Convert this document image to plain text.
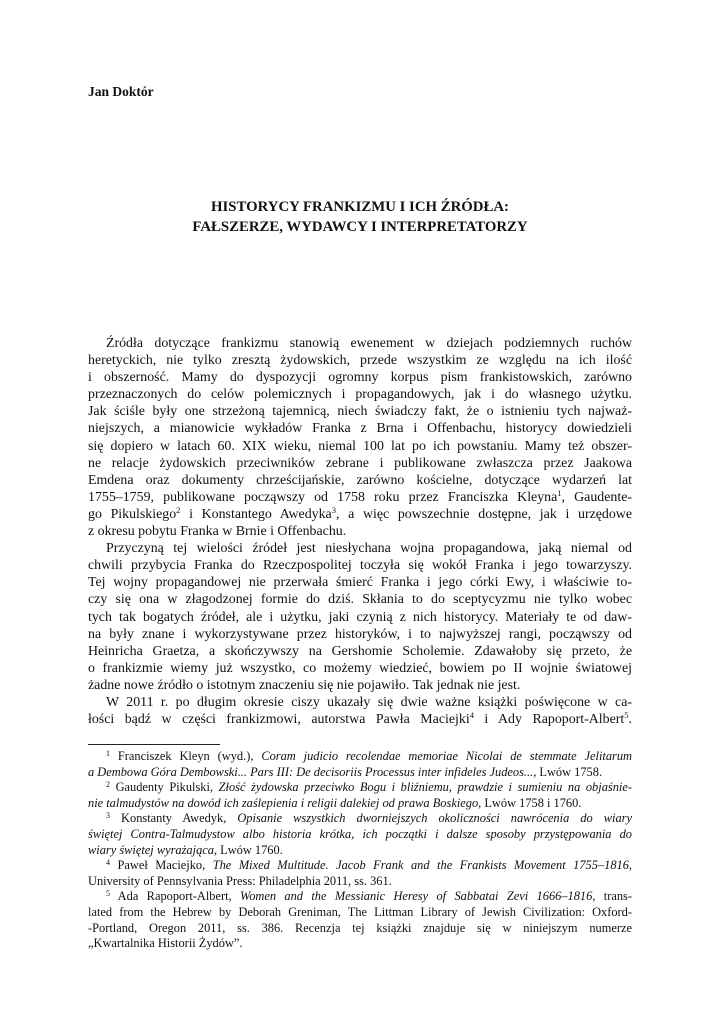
Jan Doktór
HISTORYCY FRANKIZMU I ICH ŹRÓDŁA:
FAŁSZERZE, WYDAWCY I INTERPRETATORZY
Źródła dotyczące frankizmu stanowią ewenement w dziejach podziemnych ruchów
heretyckich, nie tylko zresztą żydowskich, przede wszystkim ze względu na ich ilość
i obszerność. Mamy do dyspozycji ogromny korpus pism frankistowskich, zarówno
przeznaczonych do celów polemicznych i propagandowych, jak i do własnego użytku.
Jak ściśle były one strzeżoną tajemnicą, niech świadczy fakt, że o istnieniu tych najważ-
niejszych, a mianowicie wykładów Franka z Brna i Offenbachu, historycy dowiedzieli
się dopiero w latach 60. XIX wieku, niemal 100 lat po ich powstaniu. Mamy też obszer-
ne relacje żydowskich przeciwników zebrane i publikowane zwłaszcza przez Jaakowa
Emdena oraz dokumenty chrześcijańskie, zarówno kościelne, dotyczące wydarzeń lat
1755–1759, publikowane począwszy od 1758 roku przez Franciszka Kleyna$^1$, Gaudente-
go Pikulskiego$^2$ i Konstantego Awedyka$^3$, a więc powszechnie dostępne, jak i urzędowe
z okresu pobytu Franka w Brnie i Offenbachu.
Przyczyną tej wielości źródeł jest niesłychana wojna propagandowa, jaką niemal od
chwili przybycia Franka do Rzeczpospolitej toczyła się wokół Franka i jego towarzyszy.
Tej wojny propagandowej nie przerwała śmierć Franka i jego córki Ewy, i właściwie to-
czy się ona w złagodzonej formie do dziś. Skłania to do sceptycyzmu nie tylko wobec
tych tak bogatych źródeł, ale i użytku, jaki czynią z nich historycy. Materiały te od daw-
na były znane i wykorzystywane przez historyków, i to najwyższej rangi, począwszy od
Heinricha Graetza, a skończywszy na Gershomie Scholemie. Zdawałoby się przeto, że
o frankizmie wiemy już wszystko, co możemy wiedzieć, bowiem po II wojnie światowej
żadne nowe źródło o istotnym znaczeniu się nie pojawiło. Tak jednak nie jest.
W 2011 r. po długim okresie ciszy ukazały się dwie ważne książki poświęcone w ca-
łości bądź w części frankizmowi, autorstwa Pawła Maciejki$^4$ i Ady Rapoport-Albert$^5$.
$^1$ Franciszek Kleyn (wyd.), Coram judicio recolendae memoriae Nicolai de stemmate Jelitarum
a Dembowa Góra Dembowski... Pars III: De decisoriis Processus inter infideles Judeos..., Lwów 1758.
$^2$ Gaudenty Pikulski, Złość żydowska przeciwko Bogu i bliźniemu, prawdzie i sumieniu na objaśnie-
nie talmudystów na dowód ich zaślepienia i religii dalekiej od prawa Boskiego, Lwów 1758 i 1760.
$^3$ Konstanty Awedyk, Opisanie wszystkich dworniejszych okoliczności nawrócenia do wiary
świętej Contra-Talmudystow albo historia krótka, ich początki i dalsze sposoby przystępowania do
wiary świętej wyrażająca, Lwów 1760.
$^4$ Paweł Maciejko, The Mixed Multitude. Jacob Frank and the Frankists Movement 1755–1816,
University of Pennsylvania Press: Philadelphia 2011, ss. 361.
$^5$ Ada Rapoport-Albert, Women and the Messianic Heresy of Sabbatai Zevi 1666–1816, trans-
lated from the Hebrew by Deborah Greniman, The Littman Library of Jewish Civilization: Oxford-
-Portland, Oregon 2011, ss. 386. Recenzja tej książki znajduje się w niniejszym numerze
„Kwartalnika Historii Żydów”.
